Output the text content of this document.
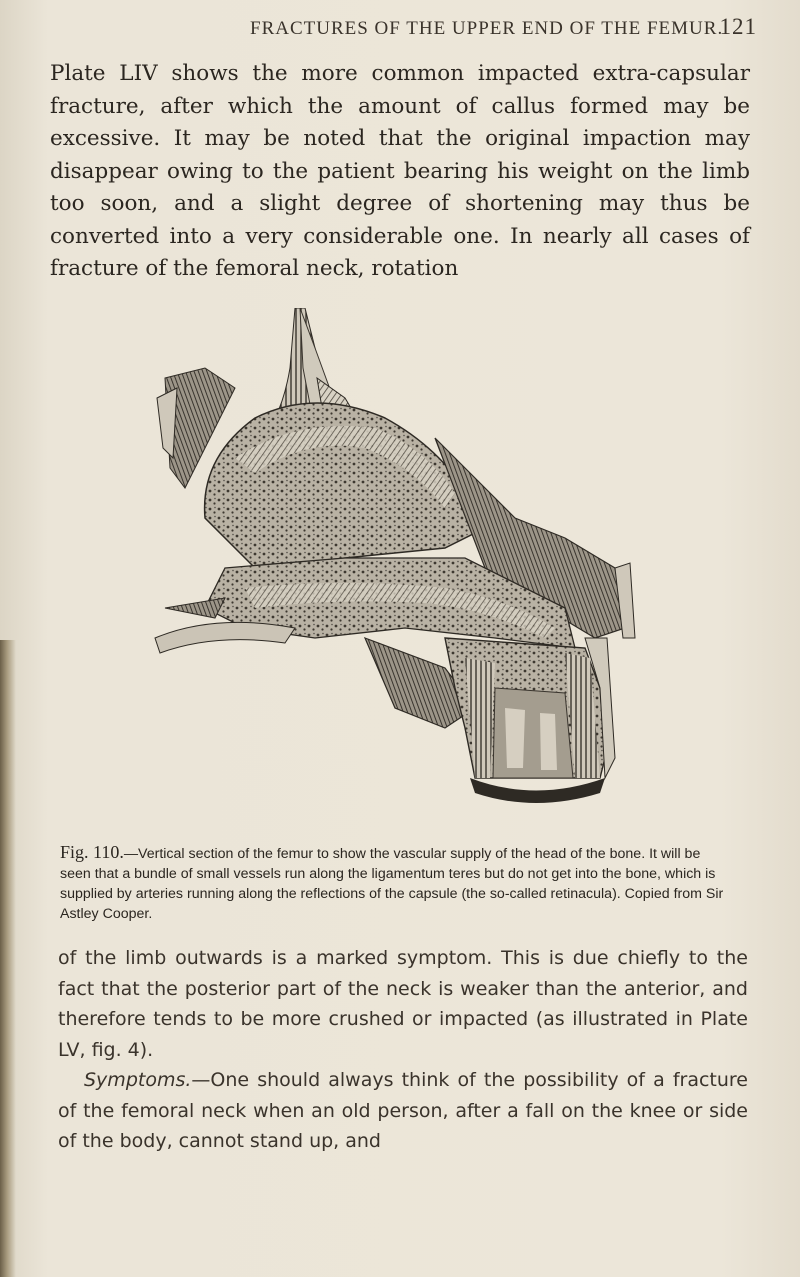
FRACTURES OF THE UPPER END OF THE FEMUR.
121
Plate LIV shows the more common impacted extra-capsular fracture, after which the amount of callus formed may be excessive. It may be noted that the original impaction may disappear owing to the patient bearing his weight on the limb too soon, and a slight degree of shortening may thus be converted into a very considerable one. In nearly all cases of fracture of the femoral neck, rotation

Fig. 110.—Vertical section of the femur to show the vascular supply of the head of the bone. It will be seen that a bundle of small vessels run along the ligamentum teres but do not get into the bone, which is supplied by arteries running along the reflections of the capsule (the so-called retinacula). Copied from Sir Astley Cooper.

of the limb outwards is a marked symptom. This is due chiefly to the fact that the posterior part of the neck is weaker than the anterior, and therefore tends to be more crushed or impacted (as illustrated in Plate LV, fig. 4).

Symptoms.—One should always think of the possibility of a fracture of the femoral neck when an old person, after a fall on the knee or side of the body, cannot stand up, and
